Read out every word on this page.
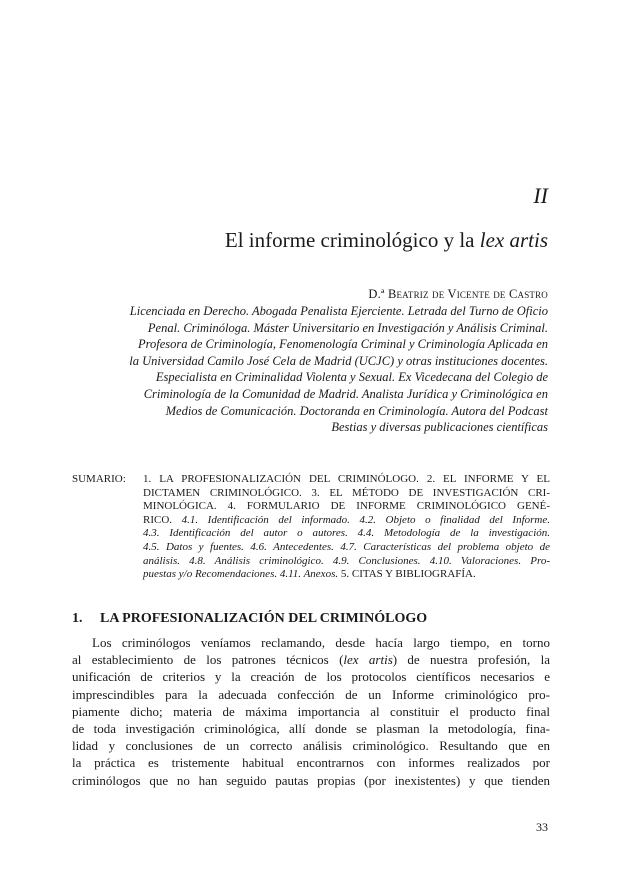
II
El informe criminológico y la lex artis
D.ª Beatriz de Vicente de Castro
Licenciada en Derecho. Abogada Penalista Ejerciente. Letrada del Turno de Oficio
Penal. Criminóloga. Máster Universitario en Investigación y Análisis Criminal.
Profesora de Criminología, Fenomenología Criminal y Criminología Aplicada en
la Universidad Camilo José Cela de Madrid (UCJC) y otras instituciones docentes.
Especialista en Criminalidad Violenta y Sexual. Ex Vicedecana del Colegio de
Criminología de la Comunidad de Madrid. Analista Jurídica y Criminológica en
Medios de Comunicación. Doctoranda en Criminología. Autora del Podcast
Bestias y diversas publicaciones científicas
SUMARIO: 1. LA PROFESIONALIZACIÓN DEL CRIMINÓLOGO. 2. EL INFORME Y EL
DICTAMEN CRIMINOLÓGICO. 3. EL MÉTODO DE INVESTIGACIÓN CRI-
MINOLÓGICA. 4. FORMULARIO DE INFORME CRIMINOLÓGICO GENÉ-
RICO. 4.1. Identificación del informado. 4.2. Objeto o finalidad del Informe.
4.3. Identificación del autor o autores. 4.4. Metodología de la investigación.
4.5. Datos y fuentes. 4.6. Antecedentes. 4.7. Características del problema objeto de
análisis. 4.8. Análisis criminológico. 4.9. Conclusiones. 4.10. Valoraciones. Pro-
puestas y/o Recomendaciones. 4.11. Anexos. 5. CITAS Y BIBLIOGRAFÍA.
1. LA PROFESIONALIZACIÓN DEL CRIMINÓLOGO
Los criminólogos veníamos reclamando, desde hacía largo tiempo, en torno
al establecimiento de los patrones técnicos (lex artis) de nuestra profesión, la
unificación de criterios y la creación de los protocolos científicos necesarios e
imprescindibles para la adecuada confección de un Informe criminológico pro-
piamente dicho; materia de máxima importancia al constituir el producto final
de toda investigación criminológica, allí donde se plasman la metodología, fina-
lidad y conclusiones de un correcto análisis criminológico. Resultando que en
la práctica es tristemente habitual encontrarnos con informes realizados por
criminólogos que no han seguido pautas propias (por inexistentes) y que tienden
33
